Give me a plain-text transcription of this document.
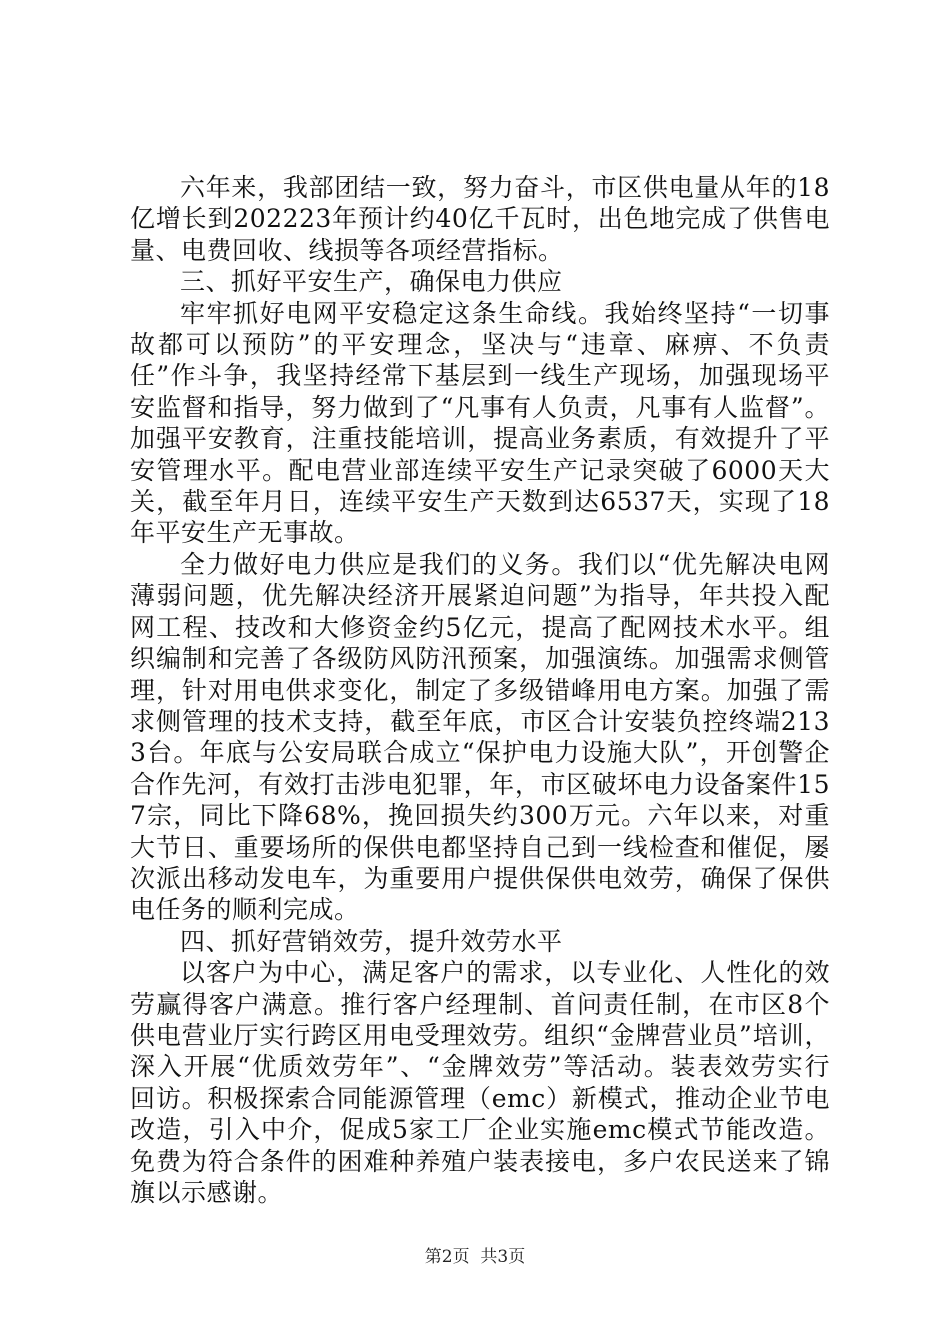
六年来，我部团结一致，努力奋斗，市区供电量从年的18亿增长到202223年预计约40亿千瓦时，出色地完成了供售电量、电费回收、线损等各项经营指标。

三、抓好平安生产，确保电力供应

牢牢抓好电网平安稳定这条生命线。我始终坚持“一切事故都可以预防”的平安理念，坚决与“违章、麻痹、不负责任”作斗争，我坚持经常下基层到一线生产现场，加强现场平安监督和指导，努力做到了“凡事有人负责，凡事有人监督”。加强平安教育，注重技能培训，提高业务素质，有效提升了平安管理水平。配电营业部连续平安生产记录突破了6000天大关，截至年月日，连续平安生产天数到达6537天，实现了18年平安生产无事故。

全力做好电力供应是我们的义务。我们以“优先解决电网薄弱问题，优先解决经济开展紧迫问题”为指导，年共投入配网工程、技改和大修资金约5亿元，提高了配网技术水平。组织编制和完善了各级防风防汛预案，加强演练。加强需求侧管理，针对用电供求变化，制定了多级错峰用电方案。加强了需求侧管理的技术支持，截至年底，市区合计安装负控终端2133台。年底与公安局联合成立“保护电力设施大队”，开创警企合作先河，有效打击涉电犯罪，年，市区破坏电力设备案件157宗，同比下降68%，挽回损失约300万元。六年以来，对重大节日、重要场所的保供电都坚持自己到一线检查和催促，屡次派出移动发电车，为重要用户提供保供电效劳，确保了保供电任务的顺利完成。

四、抓好营销效劳，提升效劳水平

以客户为中心，满足客户的需求，以专业化、人性化的效劳赢得客户满意。推行客户经理制、首问责任制，在市区8个供电营业厅实行跨区用电受理效劳。组织“金牌营业员”培训，深入开展“优质效劳年”、“金牌效劳”等活动。装表效劳实行　 回访。积极探索合同能源管理（emc）新模式，推动企业节电改造，引入中介，促成5家工厂企业实施emc模式节能改造。免费为符合条件的困难种养殖户装表接电，多户农民送来了锦旗以示感谢。

第2页  共3页
